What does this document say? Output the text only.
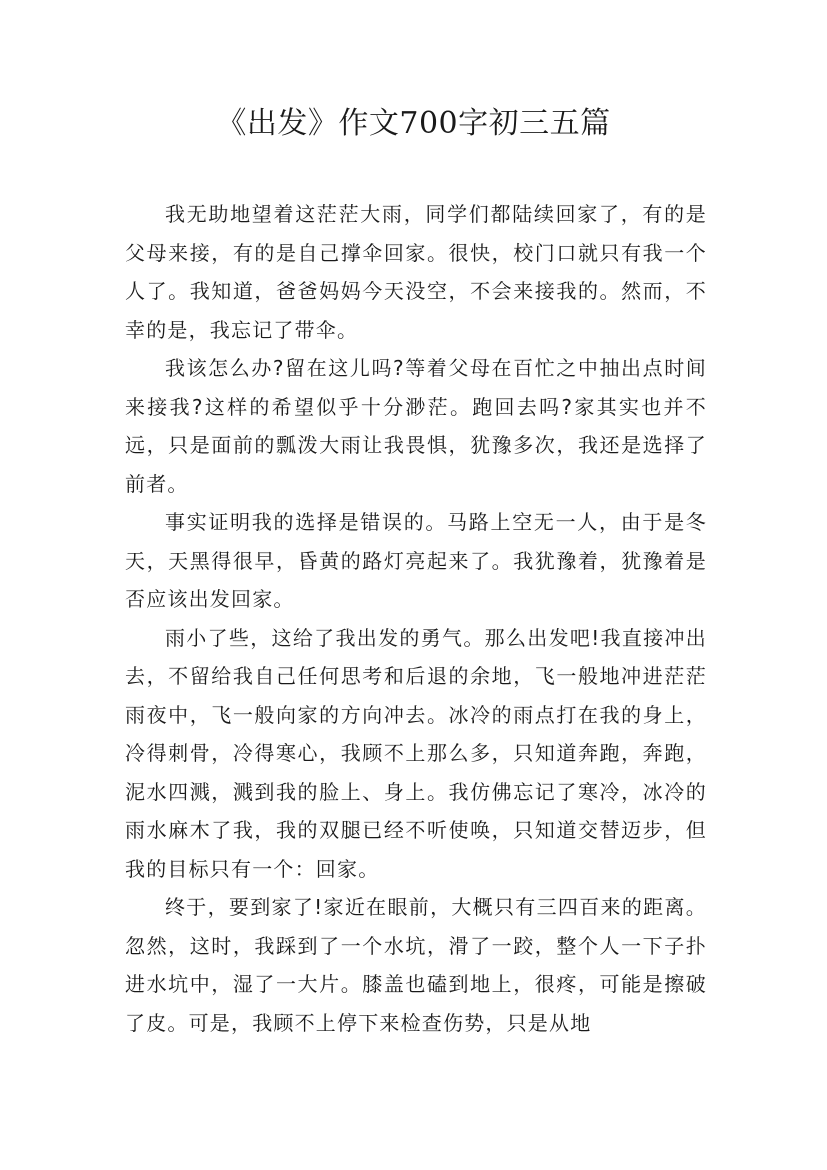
《出发》作文700字初三五篇

我无助地望着这茫茫大雨，同学们都陆续回家了，有的是父母来接，有的是自己撑伞回家。很快，校门口就只有我一个人了。我知道，爸爸妈妈今天没空，不会来接我的。然而，不幸的是，我忘记了带伞。

我该怎么办?留在这儿吗?等着父母在百忙之中抽出点时间来接我?这样的希望似乎十分渺茫。跑回去吗?家其实也并不远，只是面前的瓢泼大雨让我畏惧，犹豫多次，我还是选择了前者。

事实证明我的选择是错误的。马路上空无一人，由于是冬天，天黑得很早，昏黄的路灯亮起来了。我犹豫着，犹豫着是否应该出发回家。

雨小了些，这给了我出发的勇气。那么出发吧!我直接冲出去，不留给我自己任何思考和后退的余地，飞一般地冲进茫茫雨夜中，飞一般向家的方向冲去。冰冷的雨点打在我的身上，冷得刺骨，冷得寒心，我顾不上那么多，只知道奔跑，奔跑，泥水四溅，溅到我的脸上、身上。我仿佛忘记了寒冷，冰冷的雨水麻木了我，我的双腿已经不听使唤，只知道交替迈步，但我的目标只有一个：回家。

终于，要到家了!家近在眼前，大概只有三四百来的距离。忽然，这时，我踩到了一个水坑，滑了一跤，整个人一下子扑进水坑中，湿了一大片。膝盖也磕到地上，很疼，可能是擦破了皮。可是，我顾不上停下来检查伤势，只是从地
